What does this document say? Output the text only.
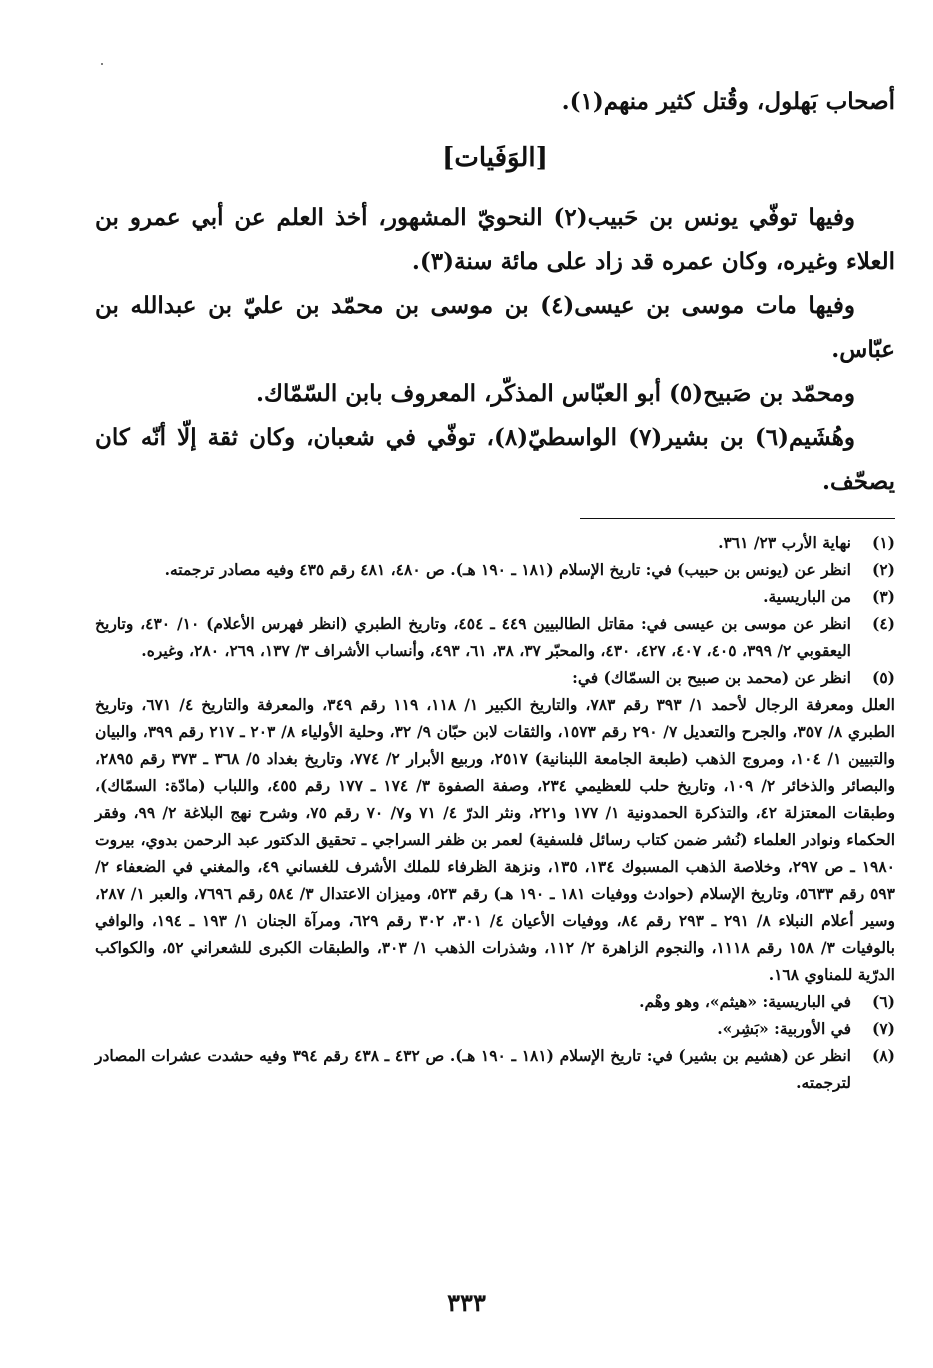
أصحاب بَهلول، وقُتل كثير منهم(١).

[الوَفَيات]

وفيها توفّي يونس بن حَبيب(٢) النحويّ المشهور، أخذ العلم عن أبي عمرو بن العلاء وغيره، وكان عمره قد زاد على مائة سنة(٣).

وفيها مات موسى بن عيسى(٤) بن موسى بن محمّد بن عليّ بن عبدالله بن عبّاس.

ومحمّد بن صَبيح(٥) أبو العبّاس المذكّر، المعروف بابن السّمّاك.

وهُشَيم(٦) بن بشير(٧) الواسطيّ(٨)، توفّي في شعبان، وكان ثقة إلّا أنّه كان يصحّف.

(١)
نهاية الأرب ٢٣/ ٣٦١.
(٢)
انظر عن (يونس بن حبيب) في: تاريخ الإسلام (١٨١ ـ ١٩٠ هـ). ص ٤٨٠، ٤٨١ رقم ٤٣٥ وفيه مصادر ترجمته.
(٣)
من الباريسية.
(٤)
انظر عن موسى بن عيسى في: مقاتل الطالبيين ٤٤٩ ـ ٤٥٤، وتاريخ الطبري (انظر فهرس الأعلام) ١٠/ ٤٣٠، وتاريخ اليعقوبي ٢/ ٣٩٩، ٤٠٥، ٤٠٧، ٤٢٧، ٤٣٠، والمحبّر ٣٧، ٣٨، ٦١، ٤٩٣، وأنساب الأشراف ٣/ ١٣٧، ٢٦٩، ٢٨٠، وغيره.
(٥)
انظر عن (محمد بن صبيح بن السمّاك) في:
العلل ومعرفة الرجال لأحمد ١/ ٣٩٣ رقم ٧٨٣، والتاريخ الكبير ١/ ١١٨، ١١٩ رقم ٣٤٩، والمعرفة والتاريخ ٤/ ٦٧١، وتاريخ الطبري ٨/ ٣٥٧، والجرح والتعديل ٧/ ٢٩٠ رقم ١٥٧٣، والثقات لابن حبّان ٩/ ٣٢، وحلية الأولياء ٨/ ٢٠٣ ـ ٢١٧ رقم ٣٩٩، والبيان والتبيين ١/ ١٠٤، ومروج الذهب (طبعة الجامعة اللبنانية) ٢٥١٧، وربيع الأبرار ٢/ ٧٧٤، وتاريخ بغداد ٥/ ٣٦٨ ـ ٣٧٣ رقم ٢٨٩٥، والبصائر والذخائر ٢/ ١٠٩، وتاريخ حلب للعظيمي ٢٣٤، وصفة الصفوة ٣/ ١٧٤ ـ ١٧٧ رقم ٤٥٥، واللباب (مادّة: السمّاك)، وطبقات المعتزلة ٤٢، والتذكرة الحمدونية ١/ ١٧٧ و٢٢١، ونثر الدرّ ٤/ ٧١ و٧/ ٧٠ رقم ٧٥، وشرح نهج البلاغة ٢/ ٩٩، وفقر الحكماء ونوادر العلماء (نُشر ضمن كتاب رسائل فلسفية) لعمر بن ظفر السراجي ـ تحقيق الدكتور عبد الرحمن بدوي، بيروت ١٩٨٠ ـ ص ٢٩٧، وخلاصة الذهب المسبوك ١٣٤، ١٣٥، ونزهة الظرفاء للملك الأشرف للغساني ٤٩، والمغني في الضعفاء ٢/ ٥٩٣ رقم ٥٦٣٣، وتاريخ الإسلام (حوادث ووفيات ١٨١ ـ ١٩٠ هـ) رقم ٥٢٣، وميزان الاعتدال ٣/ ٥٨٤ رقم ٧٦٩٦، والعبر ١/ ٢٨٧، وسير أعلام النبلاء ٨/ ٢٩١ ـ ٢٩٣ رقم ٨٤، ووفيات الأعيان ٤/ ٣٠١، ٣٠٢ رقم ٦٢٩، ومرآة الجنان ١/ ١٩٣ ـ ١٩٤، والوافي بالوفيات ٣/ ١٥٨ رقم ١١١٨، والنجوم الزاهرة ٢/ ١١٢، وشذرات الذهب ١/ ٣٠٣، والطبقات الكبرى للشعراني ٥٢، والكواكب الدرّية للمناوي ١٦٨.
(٦)
في الباريسية: «هيثم»، وهو وهْم.
(٧)
في الأوربية: «بَشِر».
(٨)
انظر عن (هشيم بن بشير) في: تاريخ الإسلام (١٨١ ـ ١٩٠ هـ). ص ٤٣٢ ـ ٤٣٨ رقم ٣٩٤ وفيه حشدت عشرات المصادر لترجمته.
٣٣٣
